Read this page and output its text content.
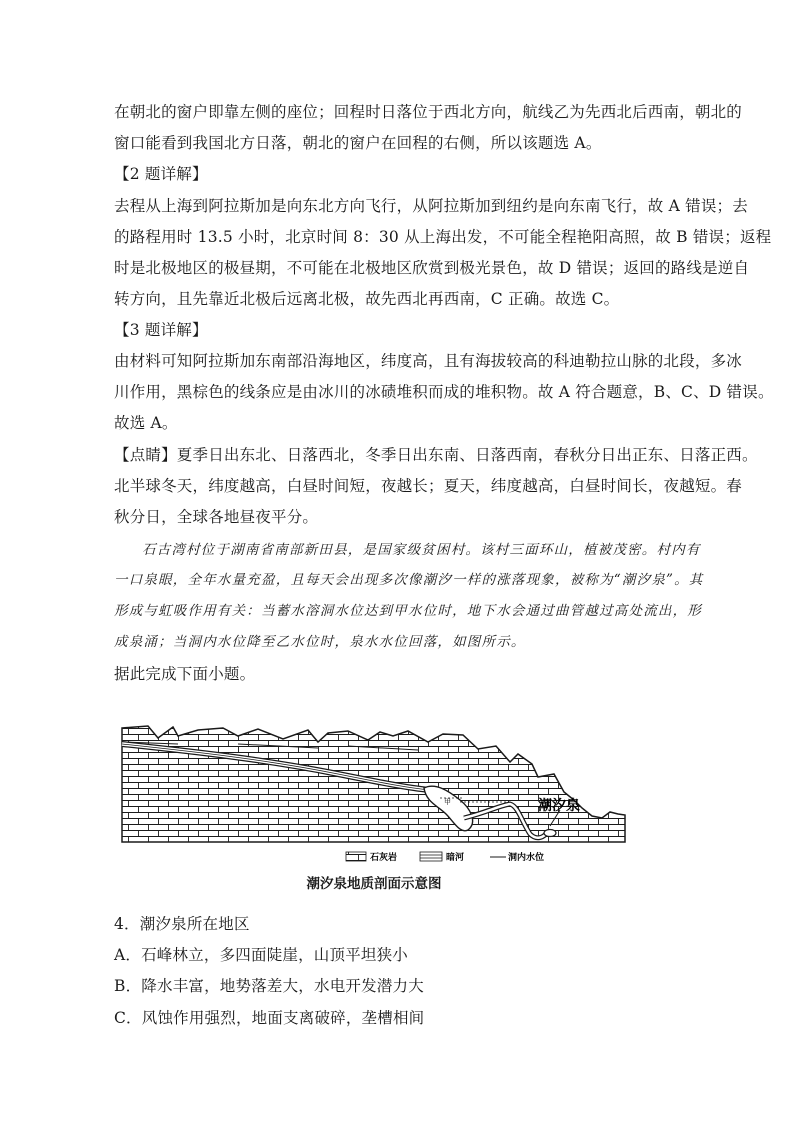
在朝北的窗户即靠左侧的座位；回程时日落位于西北方向，航线乙为先西北后西南，朝北的
窗口能看到我国北方日落，朝北的窗户在回程的右侧，所以该题选 A。
【2 题详解】
去程从上海到阿拉斯加是向东北方向飞行，从阿拉斯加到纽约是向东南飞行，故 A 错误；去
的路程用时 13.5 小时，北京时间 8：30 从上海出发，不可能全程艳阳高照，故 B 错误；返程
时是北极地区的极昼期，不可能在北极地区欣赏到极光景色，故 D 错误；返回的路线是逆自
转方向，且先靠近北极后远离北极，故先西北再西南，C 正确。故选 C。
【3 题详解】
由材料可知阿拉斯加东南部沿海地区，纬度高，且有海拔较高的科迪勒拉山脉的北段，多冰
川作用，黑棕色的线条应是由冰川的冰碛堆积而成的堆积物。故 A 符合题意，B、C、D 错误。
故选 A。
【点睛】夏季日出东北、日落西北，冬季日出东南、日落西南，春秋分日出正东、日落正西。
北半球冬天，纬度越高，白昼时间短，夜越长；夏天，纬度越高，白昼时间长，夜越短。春
秋分日，全球各地昼夜平分。
石古湾村位于湖南省南部新田县，是国家级贫困村。该村三面环山，植被茂密。村内有
一口泉眼，全年水量充盈，且每天会出现多次像潮汐一样的涨落现象，被称为“潮汐泉”。其
形成与虹吸作用有关：当蓄水溶洞水位达到甲水位时，地下水会通过曲管越过高处流出，形
成泉涌；当洞内水位降至乙水位时，泉水水位回落，如图所示。
据此完成下面小题。
甲	潮汐泉
石灰岩	暗河	洞内水位
潮汐泉地质剖面示意图
4．潮汐泉所在地区
A．石峰林立，多四面陡崖，山顶平坦狭小
B．降水丰富，地势落差大，水电开发潜力大
C．风蚀作用强烈，地面支离破碎，垄槽相间
